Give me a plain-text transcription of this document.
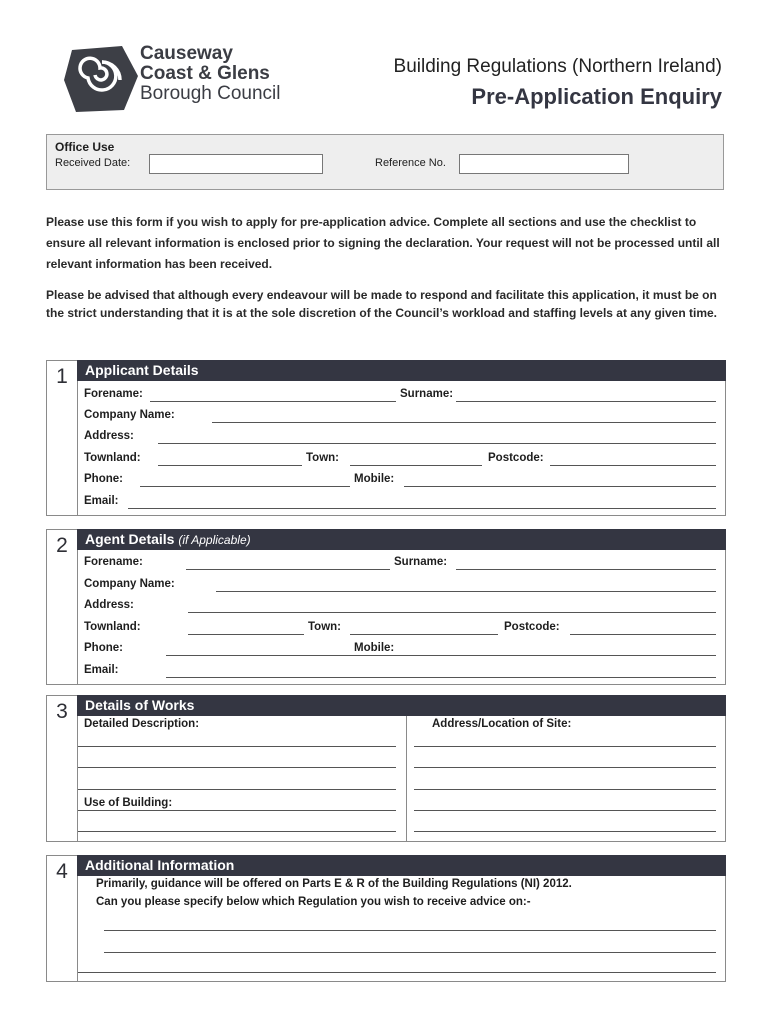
Causeway
Coast & Glens
Borough Council
Building Regulations (Northern Ireland)
Pre-Application Enquiry
Office Use
Received Date:	Reference No.
Please use this form if you wish to apply for pre-application advice. Complete all sections and use the checklist to ensure all relevant information is enclosed prior to signing the declaration. Your request will not be processed until all relevant information has been received.
Please be advised that although every endeavour will be made to respond and facilitate this application, it must be on the strict understanding that it is at the sole discretion of the Council’s workload and staffing levels at any given time.
1	Applicant Details
Forename:	Surname:
Company Name:
Address:
Townland:	Town:	Postcode:
Phone:	Mobile:
Email:
2	Agent Details (if Applicable)
Forename:	Surname:
Company Name:
Address:
Townland:	Town:	Postcode:
Phone:	Mobile:
Email:
3	Details of Works
Detailed Description:
Use of Building:
Address/Location of Site:
4	Additional Information
Primarily, guidance will be offered on Parts E & R of the Building Regulations (NI) 2012.
Can you please specify below which Regulation you wish to receive advice on:-
